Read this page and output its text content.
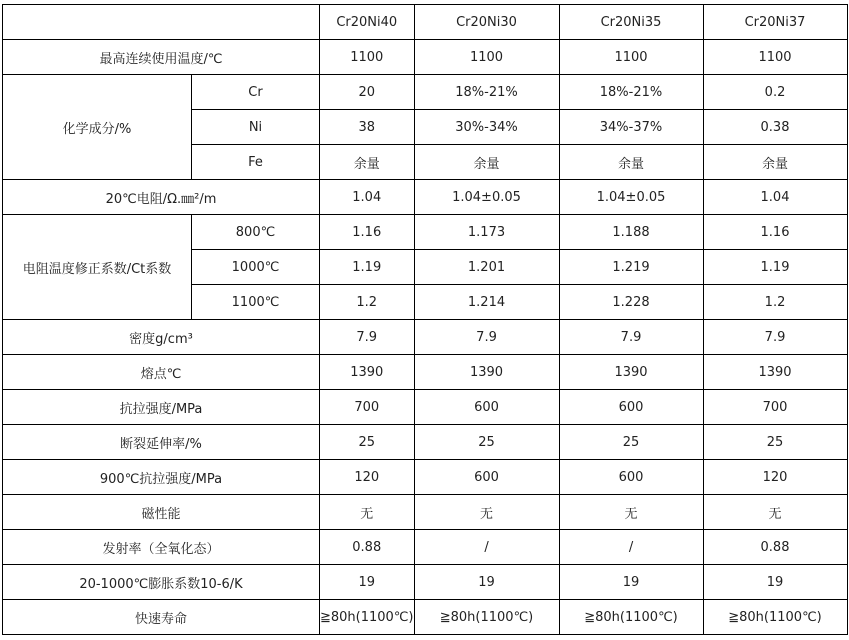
		Cr20Ni40	Cr20Ni30	Cr20Ni35	Cr20Ni37
最高连续使用温度/℃		1100	1100	1100	1100
化学成分/%	Cr	20	18%-21%	18%-21%	0.2
	Ni	38	30%-34%	34%-37%	0.38
	Fe	余量	余量	余量	余量
20℃电阻/Ω.㎜²/m		1.04	1.04±0.05	1.04±0.05	1.04
电阻温度修正系数/Ct系数	800℃	1.16	1.173	1.188	1.16
	1000℃	1.19	1.201	1.219	1.19
	1100℃	1.2	1.214	1.228	1.2
密度g/cm³		7.9	7.9	7.9	7.9
熔点℃		1390	1390	1390	1390
抗拉强度/MPa		700	600	600	700
断裂延伸率/%		25	25	25	25
900℃抗拉强度/MPa		120	600	600	120
磁性能		无	无	无	无
发射率（全氧化态）		0.88	/	/	0.88
20-1000℃膨胀系数10-6/K		19	19	19	19
快速寿命		≧80h(1100℃)	≧80h(1100℃)	≧80h(1100℃)	≧80h(1100℃)
